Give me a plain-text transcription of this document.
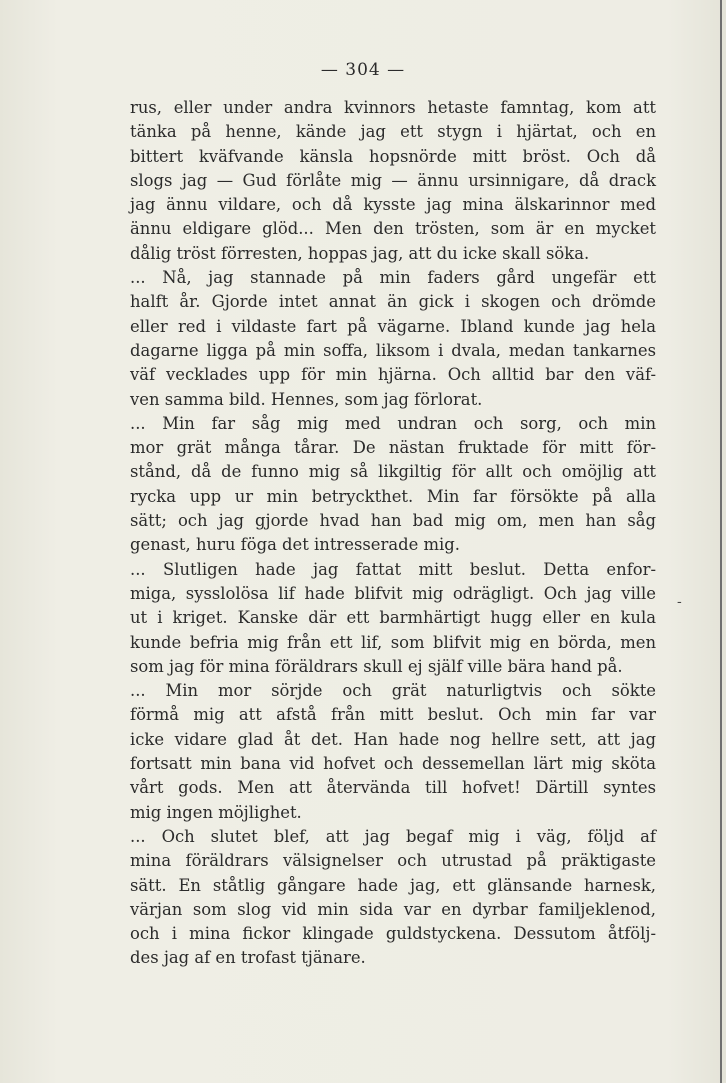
— 304 —
rus, eller under andra kvinnors hetaste famntag, kom att
tänka på henne, kände jag ett stygn i hjärtat, och en
bittert kväfvande känsla hopsnörde mitt bröst. Och då
slogs jag — Gud förlåte mig — ännu ursinnigare, då drack
jag ännu vildare, och då kysste jag mina älskarinnor med
ännu eldigare glöd... Men den trösten, som är en mycket
dålig tröst förresten, hoppas jag, att du icke skall söka.
... Nå, jag stannade på min faders gård ungefär ett
halft år. Gjorde intet annat än gick i skogen och drömde
eller red i vildaste fart på vägarne. Ibland kunde jag hela
dagarne ligga på min soffa, liksom i dvala, medan tankarnes
väf vecklades upp för min hjärna. Och alltid bar den väf-
ven samma bild. Hennes, som jag förlorat.
... Min far såg mig med undran och sorg, och min
mor grät många tårar. De nästan fruktade för mitt för-
stånd, då de funno mig så likgiltig för allt och omöjlig att
rycka upp ur min betryckthet. Min far försökte på alla
sätt; och jag gjorde hvad han bad mig om, men han såg
genast, huru föga det intresserade mig.
... Slutligen hade jag fattat mitt beslut. Detta enfor-
miga, sysslolösa lif hade blifvit mig odrägligt. Och jag ville
ut i kriget. Kanske där ett barmhärtigt hugg eller en kula
kunde befria mig från ett lif, som blifvit mig en börda, men
som jag för mina föräldrars skull ej själf ville bära hand på.
... Min mor sörjde och grät naturligtvis och sökte
förmå mig att afstå från mitt beslut. Och min far var
icke vidare glad åt det. Han hade nog hellre sett, att jag
fortsatt min bana vid hofvet och dessemellan lärt mig sköta
vårt gods. Men att återvända till hofvet! Därtill syntes
mig ingen möjlighet.
... Och slutet blef, att jag begaf mig i väg, följd af
mina föräldrars välsignelser och utrustad på präktigaste
sätt. En ståtlig gångare hade jag, ett glänsande harnesk,
värjan som slog vid min sida var en dyrbar familjeklenod,
och i mina fickor klingade guldstyckena. Dessutom åtfölj-
des jag af en trofast tjänare.
-
